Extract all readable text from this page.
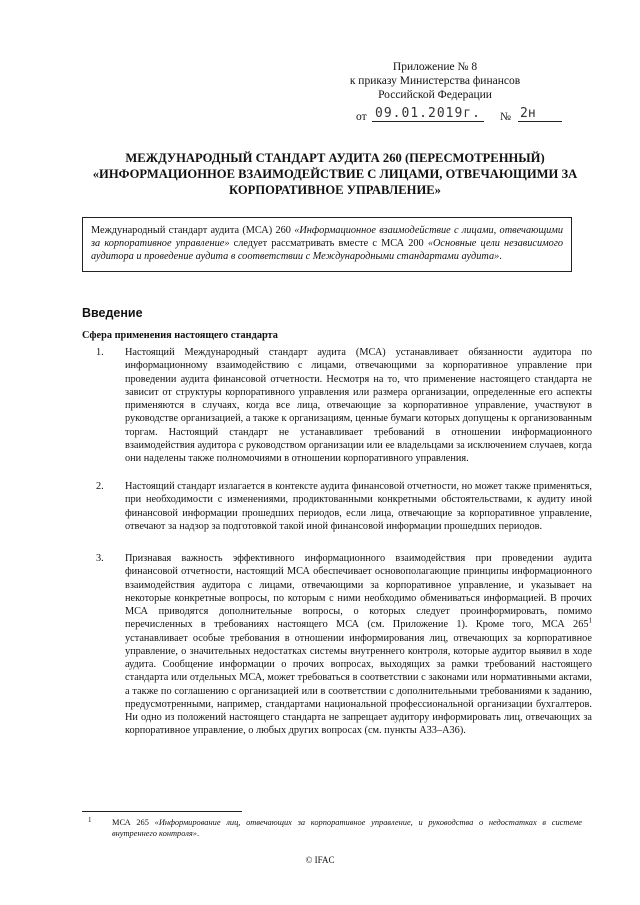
Приложение № 8
к приказу Министерства финансов
Российской Федерации
от 09.01.2019г. № 2н
МЕЖДУНАРОДНЫЙ СТАНДАРТ АУДИТА 260 (ПЕРЕСМОТРЕННЫЙ)
«ИНФОРМАЦИОННОЕ ВЗАИМОДЕЙСТВИЕ С ЛИЦАМИ, ОТВЕЧАЮЩИМИ ЗА
КОРПОРАТИВНОЕ УПРАВЛЕНИЕ»
Международный стандарт аудита (МСА) 260 «Информационное взаимодействие с лицами, отвечающими за корпоративное управление» следует рассматривать вместе с МСА 200 «Основные цели независимого аудитора и проведение аудита в соответствии с Международными стандартами аудита».
Введение
Сфера применения настоящего стандарта
1. Настоящий Международный стандарт аудита (МСА) устанавливает обязанности аудитора по информационному взаимодействию с лицами, отвечающими за корпоративное управление при проведении аудита финансовой отчетности. Несмотря на то, что применение настоящего стандарта не зависит от структуры корпоративного управления или размера организации, определенные его аспекты применяются в случаях, когда все лица, отвечающие за корпоративное управление, участвуют в руководстве организацией, а также к организациям, ценные бумаги которых допущены к организованным торгам. Настоящий стандарт не устанавливает требований в отношении информационного взаимодействия аудитора с руководством организации или ее владельцами за исключением случаев, когда они наделены также полномочиями в отношении корпоративного управления.
2. Настоящий стандарт излагается в контексте аудита финансовой отчетности, но может также применяться, при необходимости с изменениями, продиктованными конкретными обстоятельствами, к аудиту иной финансовой информации прошедших периодов, если лица, отвечающие за корпоративное управление, отвечают за надзор за подготовкой такой иной финансовой информации прошедших периодов.
3. Признавая важность эффективного информационного взаимодействия при проведении аудита финансовой отчетности, настоящий МСА обеспечивает основополагающие принципы информационного взаимодействия аудитора с лицами, отвечающими за корпоративное управление, и указывает на некоторые конкретные вопросы, по которым с ними необходимо обмениваться информацией. В прочих МСА приводятся дополнительные вопросы, о которых следует проинформировать, помимо перечисленных в требованиях настоящего МСА (см. Приложение 1). Кроме того, МСА $265^1$ устанавливает особые требования в отношении информирования лиц, отвечающих за корпоративное управление, о значительных недостатках системы внутреннего контроля, которые аудитор выявил в ходе аудита. Сообщение информации о прочих вопросах, выходящих за рамки требований настоящего стандарта или отдельных МСА, может требоваться в соответствии с законами или нормативными актами, а также по соглашению с организацией или в соответствии с дополнительными требованиями к заданию, предусмотренными, например, стандартами национальной профессиональной организации бухгалтеров. Ни одно из положений настоящего стандарта не запрещает аудитору информировать лиц, отвечающих за корпоративное управление, о любых других вопросах (см. пункты А33–А36).
1 МСА 265 «Информирование лиц, отвечающих за корпоративное управление, и руководства о недостатках в системе внутреннего контроля».
© IFAC
